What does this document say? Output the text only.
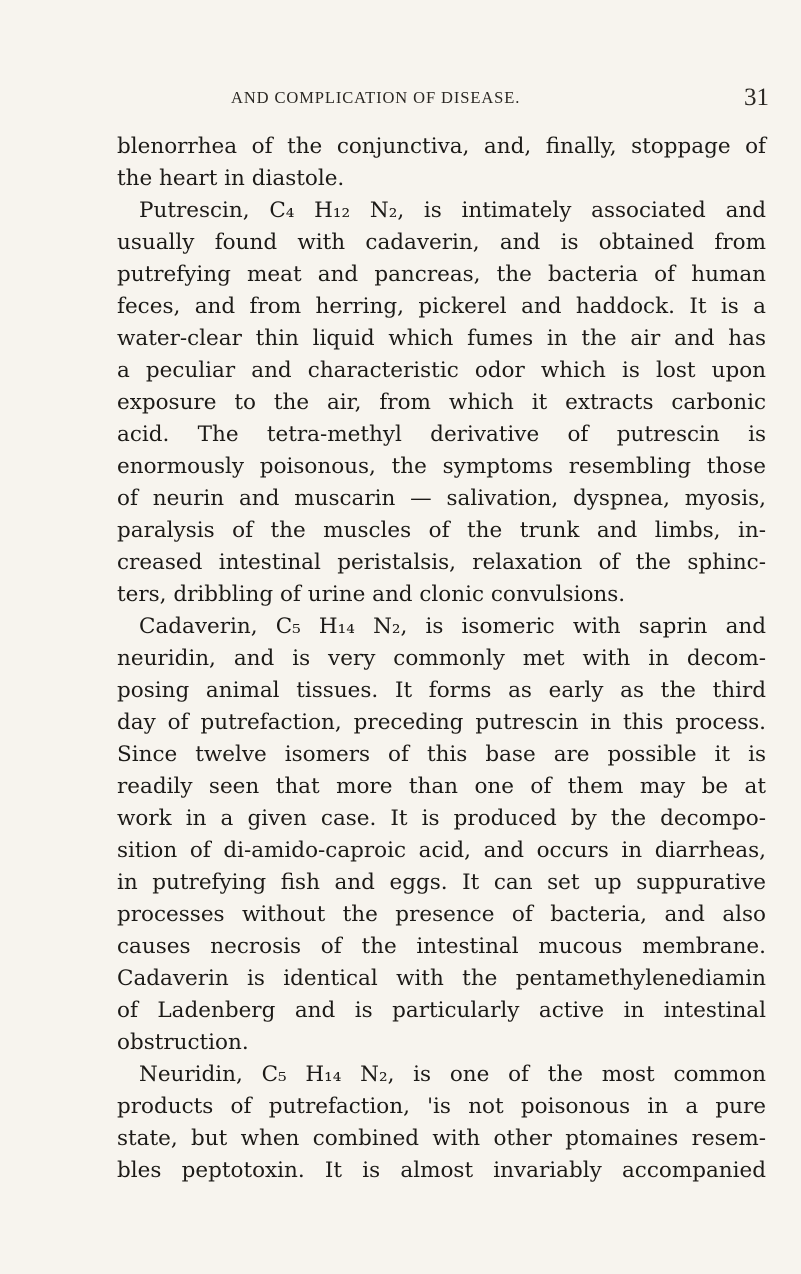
AND COMPLICATION OF DISEASE.	31
blenorrhea of the conjunctiva, and, finally, stoppage of
the heart in diastole.
Putrescin, C₄ H₁₂ N₂, is intimately associated and
usually found with cadaverin, and is obtained from
putrefying meat and pancreas, the bacteria of human
feces, and from herring, pickerel and haddock. It is a
water-clear thin liquid which fumes in the air and has
a peculiar and characteristic odor which is lost upon
exposure to the air, from which it extracts carbonic
acid. The tetra-methyl derivative of putrescin is
enormously poisonous, the symptoms resembling those
of neurin and muscarin — salivation, dyspnea, myosis,
paralysis of the muscles of the trunk and limbs, in-
creased intestinal peristalsis, relaxation of the sphinc-
ters, dribbling of urine and clonic convulsions.
Cadaverin, C₅ H₁₄ N₂, is isomeric with saprin and
neuridin, and is very commonly met with in decom-
posing animal tissues. It forms as early as the third
day of putrefaction, preceding putrescin in this process.
Since twelve isomers of this base are possible it is
readily seen that more than one of them may be at
work in a given case. It is produced by the decompo-
sition of di-amido-caproic acid, and occurs in diarrheas,
in putrefying fish and eggs. It can set up suppurative
processes without the presence of bacteria, and also
causes necrosis of the intestinal mucous membrane.
Cadaverin is identical with the pentamethylenediamin
of Ladenberg and is particularly active in intestinal
obstruction.
Neuridin, C₅ H₁₄ N₂, is one of the most common
products of putrefaction, 'is not poisonous in a pure
state, but when combined with other ptomaines resem-
bles peptotoxin. It is almost invariably accompanied
